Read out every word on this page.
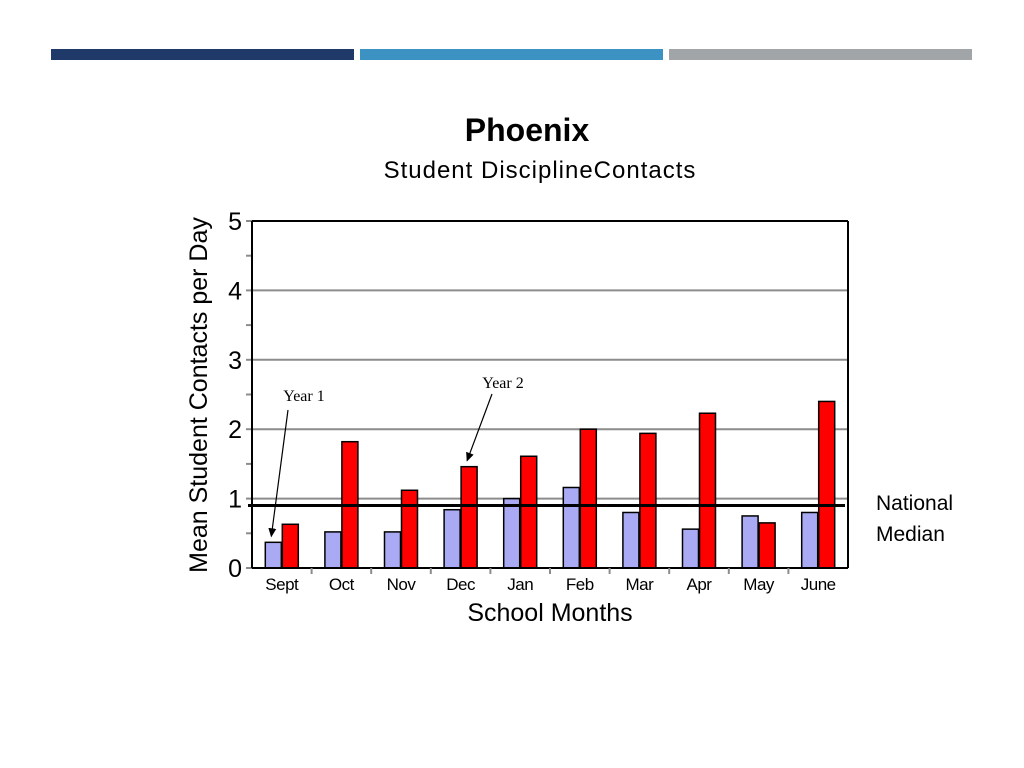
Phoenix
Student DisciplineContacts
0
1
2
3
4
5
Sept Oct Nov Dec Jan Feb Mar Apr May June
School Months
Mean Student Contacts per Day	Year 1
Year 2
National
Median
